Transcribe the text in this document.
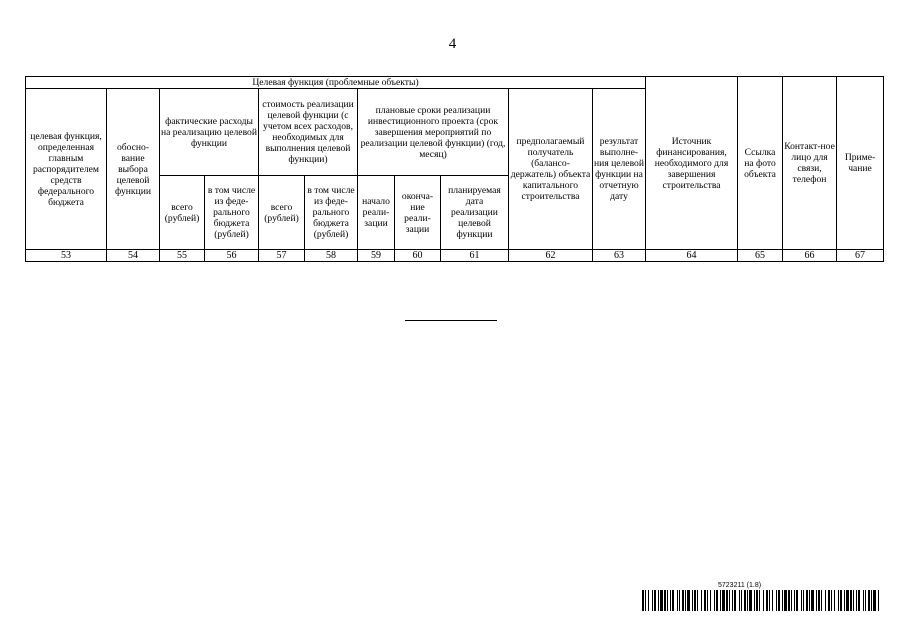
4
Целевая функция (проблемные объекты)											Источник финансирования, необходимого для завершения строительства	Ссылка на фото объекта	Контакт-ное лицо для связи, телефон	Приме-чание
целевая функция, определенная главным распорядителем средств федерального бюджета	обосно-вание выбора целевой функции	фактические расходы на реализацию целевой функции		стоимость реализации целевой функции (с учетом всех расходов, необходимых для выполнения целевой функции)		плановые сроки реализации инвестиционного проекта (срок завершения мероприятий по реализации целевой функции) (год, месяц)			предполагаемый получатель (балансо-держатель) объекта капитального строительства	результат выполне-ния целевой функции на отчетную дату				
		всего (рублей)	в том числе из феде-рального бюджета (рублей)	всего (рублей)	в том числе из феде-рального бюджета (рублей)	начало реали-зации	оконча-ние реали-зации	планируемая дата реализации целевой функции						
53	54	55	56	57	58	59	60	61	62	63	64	65	66	67
5723211 (1.8)
